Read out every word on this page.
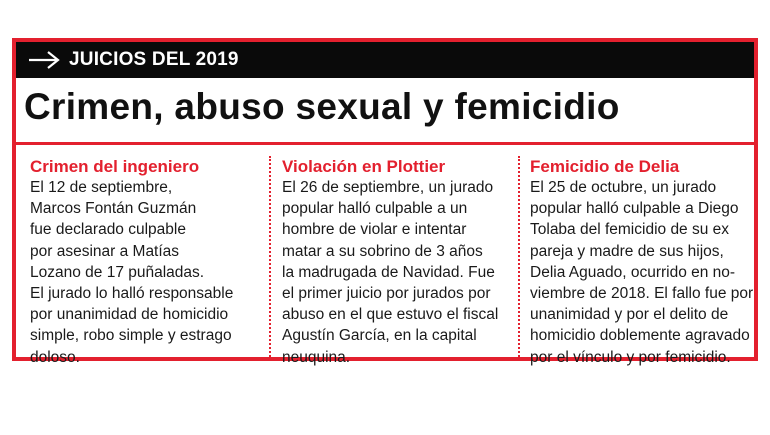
JUICIOS DEL 2019
Crimen, abuso sexual y femicidio

Crimen del ingeniero

El 12 de septiembre,
Marcos Fontán Guzmán
fue declarado culpable
por asesinar a Matías
Lozano de 17 puñaladas.
El jurado lo halló responsable
por unanimidad de homicidio
simple, robo simple y estrago
doloso.

Violación en Plottier

El 26 de septiembre, un jurado
popular halló culpable a un
hombre de violar e intentar
matar a su sobrino de 3 años
la madrugada de Navidad. Fue
el primer juicio por jurados por
abuso en el que estuvo el fiscal
Agustín García, en la capital
neuquina.

Femicidio de Delia

El 25 de octubre, un jurado
popular halló culpable a Diego
Tolaba del femicidio de su ex
pareja y madre de sus hijos,
Delia Aguado, ocurrido en no-
viembre de 2018. El fallo fue por
unanimidad y por el delito de
homicidio doblemente agravado
por el vínculo y por femicidio.
